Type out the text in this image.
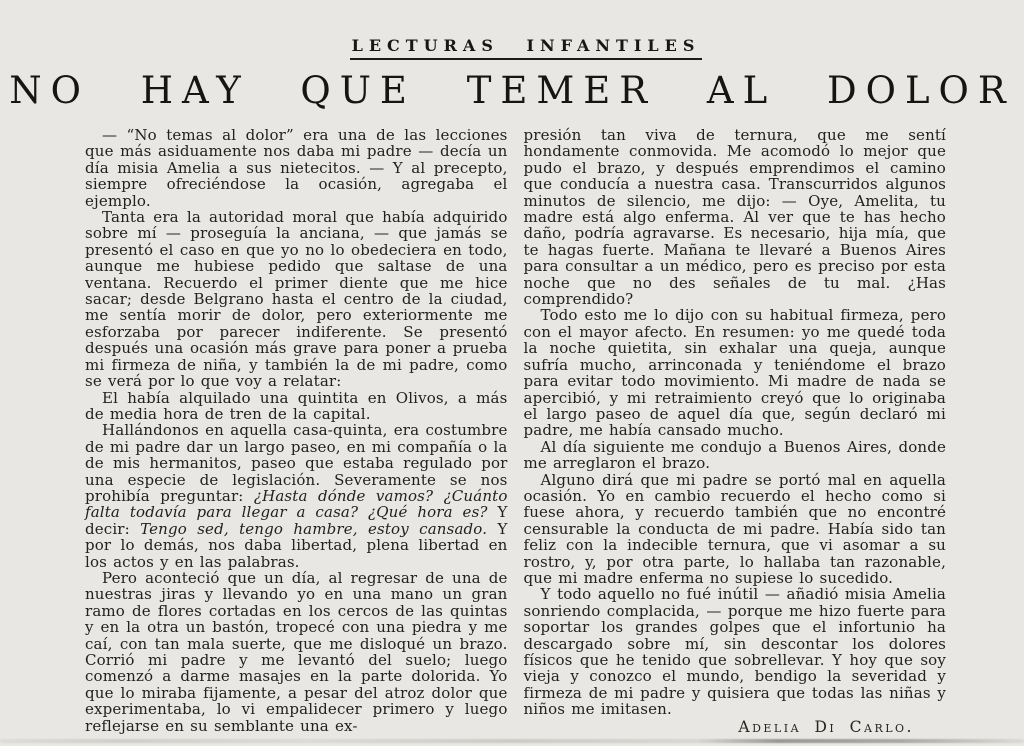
LECTURAS INFANTILES
NO HAY QUE TEMER AL DOLOR

— “No temas al dolor” era una de las lecciones que más asiduamente nos daba mi padre — decía un día misia Amelia a sus nietecitos. — Y al precepto, siempre ofreciéndose la ocasión, agregaba el ejemplo.

Tanta era la autoridad moral que había adquirido sobre mí — proseguía la anciana, — que jamás se presentó el caso en que yo no lo obedeciera en todo, aunque me hubiese pedido que saltase de una ventana. Recuerdo el primer diente que me hice sacar; desde Belgrano hasta el centro de la ciudad, me sentía morir de dolor, pero exteriormente me esforzaba por parecer indiferente. Se presentó después una ocasión más grave para poner a prueba mi firmeza de niña, y también la de mi padre, como se verá por lo que voy a relatar:

El había alquilado una quintita en Olivos, a más de media hora de tren de la capital.

Hallándonos en aquella casa-quinta, era costumbre de mi padre dar un largo paseo, en mi compañía o la de mis hermanitos, paseo que estaba regulado por una especie de legislación. Severamente se nos prohibía preguntar: ¿Hasta dónde vamos? ¿Cuánto falta todavía para llegar a casa? ¿Qué hora es? Y decir: Tengo sed, tengo hambre, estoy cansado. Y por lo demás, nos daba libertad, plena libertad en los actos y en las palabras.

Pero aconteció que un día, al regresar de una de nuestras jiras y llevando yo en una mano un gran ramo de flores cortadas en los cercos de las quintas y en la otra un bastón, tropecé con una piedra y me caí, con tan mala suerte, que me disloqué un brazo. Corrió mi padre y me levantó del suelo; luego comenzó a darme masajes en la parte dolorida. Yo que lo miraba fijamente, a pesar del atroz dolor que experimentaba, lo vi empalidecer primero y luego reflejarse en su semblante una ex-

presión tan viva de ternura, que me sentí hondamente conmovida. Me acomodó lo mejor que pudo el brazo, y después emprendimos el camino que conducía a nuestra casa. Transcurridos algunos minutos de silencio, me dijo: — Oye, Amelita, tu madre está algo enferma. Al ver que te has hecho daño, podría agravarse. Es necesario, hija mía, que te hagas fuerte. Mañana te llevaré a Buenos Aires para consultar a un médico, pero es preciso por esta noche que no des señales de tu mal. ¿Has comprendido?

Todo esto me lo dijo con su habitual firmeza, pero con el mayor afecto. En resumen: yo me quedé toda la noche quietita, sin exhalar una queja, aunque sufría mucho, arrinconada y teniéndome el brazo para evitar todo movimiento. Mi madre de nada se apercibió, y mi retraimiento creyó que lo originaba el largo paseo de aquel día que, según declaró mi padre, me había cansado mucho.

Al día siguiente me condujo a Buenos Aires, donde me arreglaron el brazo.

Alguno dirá que mi padre se portó mal en aquella ocasión. Yo en cambio recuerdo el hecho como si fuese ahora, y recuerdo también que no encontré censurable la conducta de mi padre. Había sido tan feliz con la indecible ternura, que vi asomar a su rostro, y, por otra parte, lo hallaba tan razonable, que mi madre enferma no supiese lo sucedido.

Y todo aquello no fué inútil — añadió misia Amelia sonriendo complacida, — porque me hizo fuerte para soportar los grandes golpes que el infortunio ha descargado sobre mí, sin descontar los dolores físicos que he tenido que sobrellevar. Y hoy que soy vieja y conozco el mundo, bendigo la severidad y firmeza de mi padre y quisiera que todas las niñas y niños me imitasen.

Adelia Di Carlo.
